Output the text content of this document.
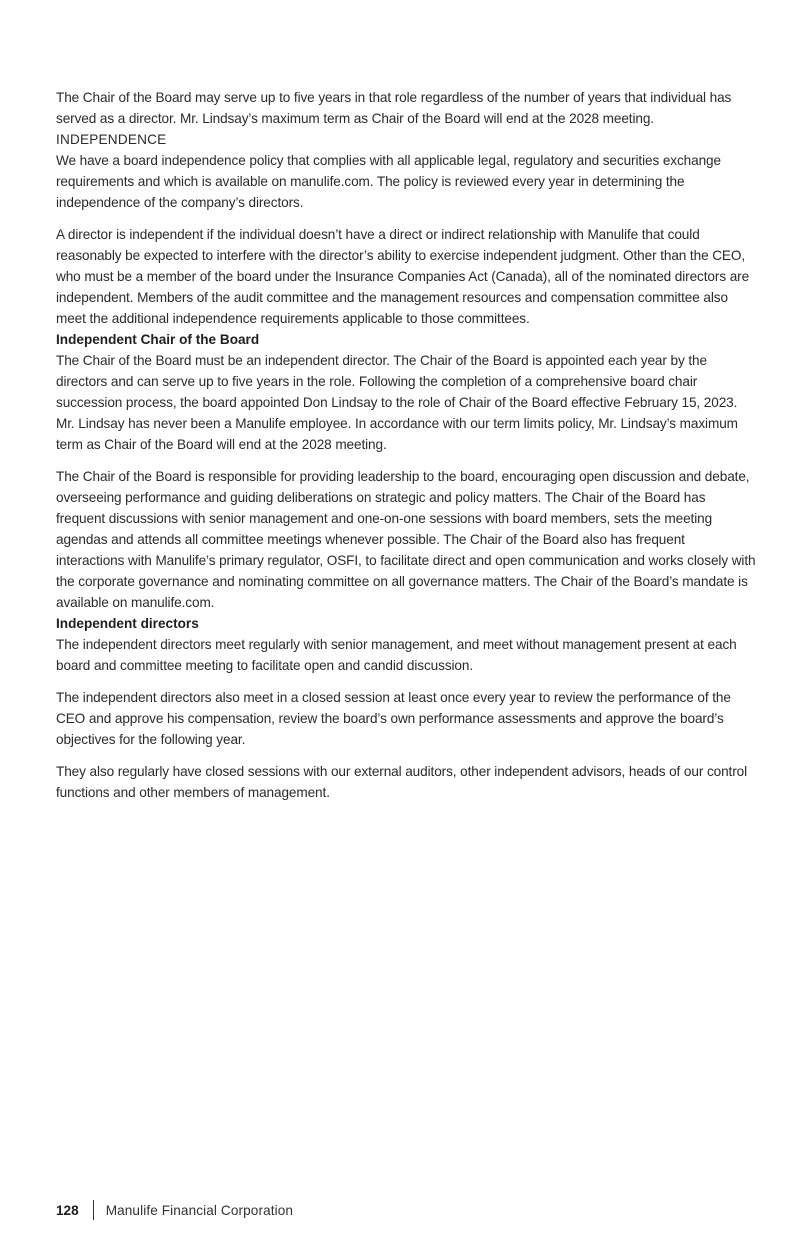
The Chair of the Board may serve up to five years in that role regardless of the number of years that individual has served as a director. Mr. Lindsay’s maximum term as Chair of the Board will end at the 2028 meeting.

INDEPENDENCE

We have a board independence policy that complies with all applicable legal, regulatory and securities exchange requirements and which is available on manulife.com. The policy is reviewed every year in determining the independence of the company’s directors.

A director is independent if the individual doesn’t have a direct or indirect relationship with Manulife that could reasonably be expected to interfere with the director’s ability to exercise independent judgment. Other than the CEO, who must be a member of the board under the Insurance Companies Act (Canada), all of the nominated directors are independent. Members of the audit committee and the management resources and compensation committee also meet the additional independence requirements applicable to those committees.

Independent Chair of the Board

The Chair of the Board must be an independent director. The Chair of the Board is appointed each year by the directors and can serve up to five years in the role. Following the completion of a comprehensive board chair succession process, the board appointed Don Lindsay to the role of Chair of the Board effective February 15, 2023. Mr. Lindsay has never been a Manulife employee. In accordance with our term limits policy, Mr. Lindsay’s maximum term as Chair of the Board will end at the 2028 meeting.

The Chair of the Board is responsible for providing leadership to the board, encouraging open discussion and debate, overseeing performance and guiding deliberations on strategic and policy matters. The Chair of the Board has frequent discussions with senior management and one-on-one sessions with board members, sets the meeting agendas and attends all committee meetings whenever possible. The Chair of the Board also has frequent interactions with Manulife’s primary regulator, OSFI, to facilitate direct and open communication and works closely with the corporate governance and nominating committee on all governance matters. The Chair of the Board’s mandate is available on manulife.com.

Independent directors

The independent directors meet regularly with senior management, and meet without management present at each board and committee meeting to facilitate open and candid discussion.

The independent directors also meet in a closed session at least once every year to review the performance of the CEO and approve his compensation, review the board’s own performance assessments and approve the board’s objectives for the following year.

They also regularly have closed sessions with our external auditors, other independent advisors, heads of our control functions and other members of management.

128 Manulife Financial Corporation
